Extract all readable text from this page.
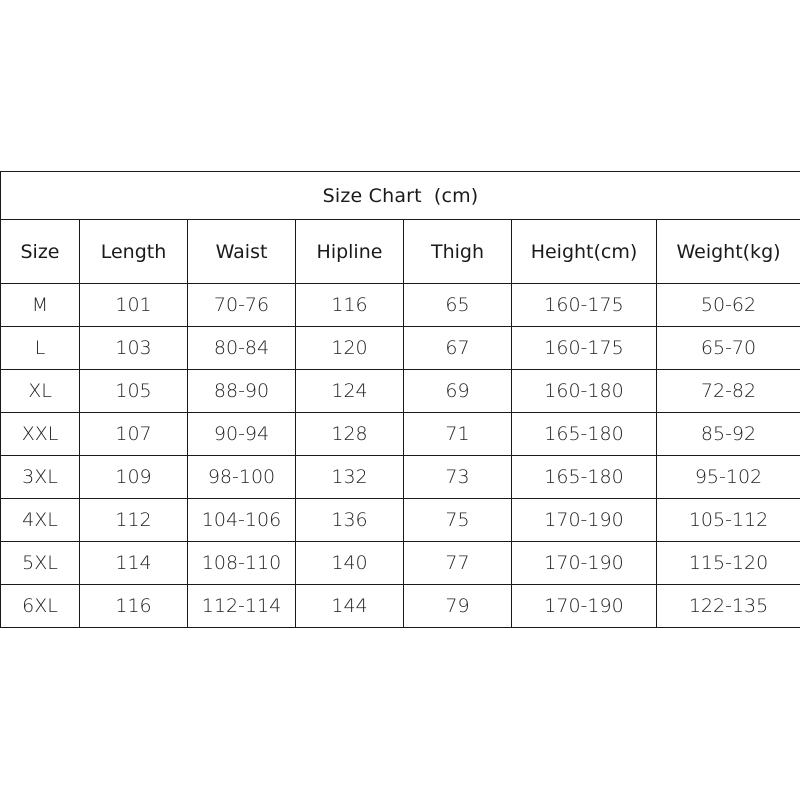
Size Chart (cm)						
Size	Length	Waist	Hipline	Thigh	Height(cm)	Weight(kg)
M	101	70-76	116	65	160-175	50-62
L	103	80-84	120	67	160-175	65-70
XL	105	88-90	124	69	160-180	72-82
XXL	107	90-94	128	71	165-180	85-92
3XL	109	98-100	132	73	165-180	95-102
4XL	112	104-106	136	75	170-190	105-112
5XL	114	108-110	140	77	170-190	115-120
6XL	116	112-114	144	79	170-190	122-135
